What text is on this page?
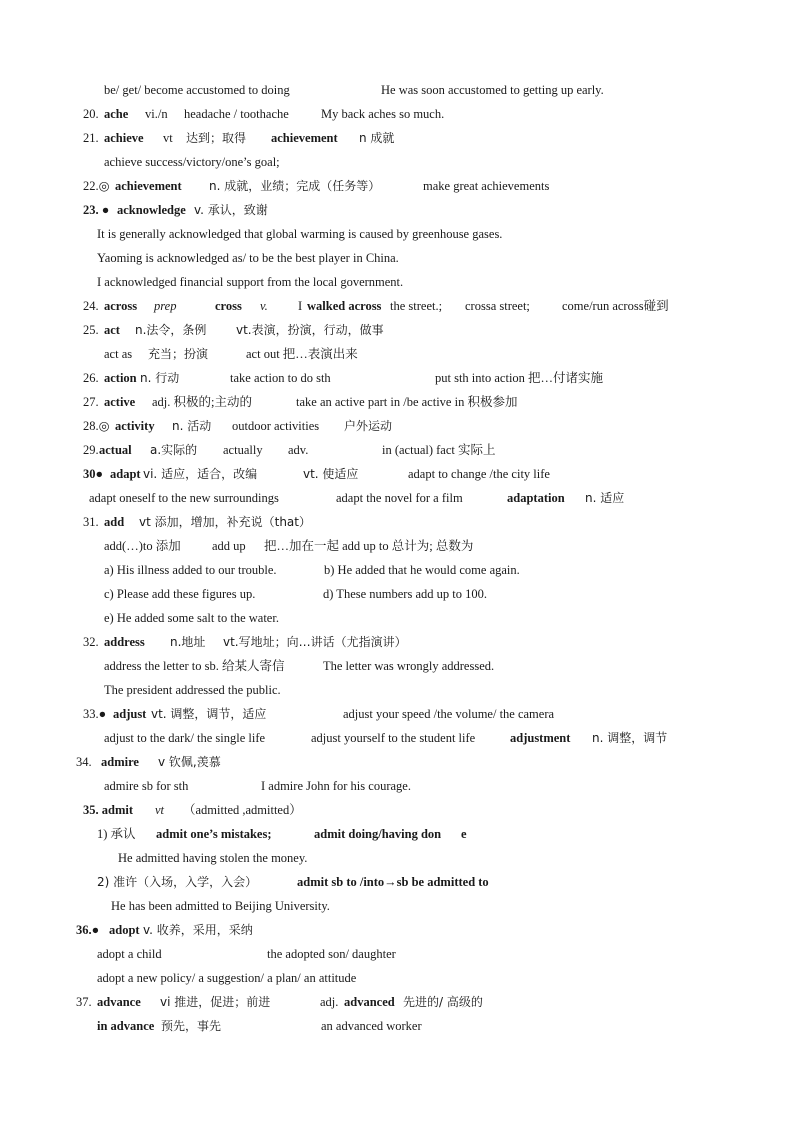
be/ get/ become accustomed to doing	He was soon accustomed to getting up early.
20. ache vi./n headache / toothache	My back aches so much.
21. achieve vt 达到；取得 achievement n 成就
achieve success/victory/one’s goal;
22.◎ achievement n. 成就，业绩；完成（任务等）	make great achievements
23. ● acknowledge v. 承认，致谢
It is generally acknowledged that global warming is caused by greenhouse gases.
Yaoming is acknowledged as/ to be the best player in China.
I acknowledged financial support from the local government.
24. across prep	cross v. I walked across the street.; crossa street;	come/run across碰到
25. act n.法令，条例 vt.表演，扮演，行动，做事
act as 充当；扮演	act out 把…表演出来
26. action n. 行动	take action to do sth	put sth into action 把…付诸实施
27. active adj. 积极的;主动的	take an active part in /be active in 积极参加
28.◎ activity n. 活动 outdoor activities 户外运动
29. actual a.实际的 actually adv.	in (actual) fact 实际上
30● adapt vi. 适应，适合，改编	vt. 使适应	adapt to change /the city life
adapt oneself to the new surroundings	adapt the novel for a film	adaptation n. 适应
31. add vt 添加，增加，补充说（that）
add(…)to 添加	add up 把…加在一起 add up to 总计为; 总数为
a) His illness added to our trouble.	b) He added that he would come again.
c) Please add these figures up.	d) These numbers add up to 100.
e) He added some salt to the water.
32. address n.地址 vt.写地址；向…讲话（尤指演讲）
address the letter to sb. 给某人寄信	The letter was wrongly addressed.
The president addressed the public.
33.● adjust vt. 调整，调节，适应	adjust your speed /the volume/ the camera
adjust to the dark/ the single life	adjust yourself to the student life	adjustment n. 调整，调节
34. admire v 钦佩,羡慕
admire sb for sth	I admire John for his courage.
35. admit vt （admitted ,admitted）
1) 承认 admit one’s mistakes;	admit doing/having don e
He admitted having stolen the money.
2) 准许（入场，入学，入会）	admit sb to /into→sb be admitted to
He has been admitted to Beijing University.
36.● adopt v. 收养，采用，采纳
adopt a child	the adopted son/ daughter
adopt a new policy/ a suggestion/ a plan/ an attitude
37. advance vi 推进，促进；前进	adj. advanced 先进的/ 高级的
in advance 预先，事先	an advanced worker
